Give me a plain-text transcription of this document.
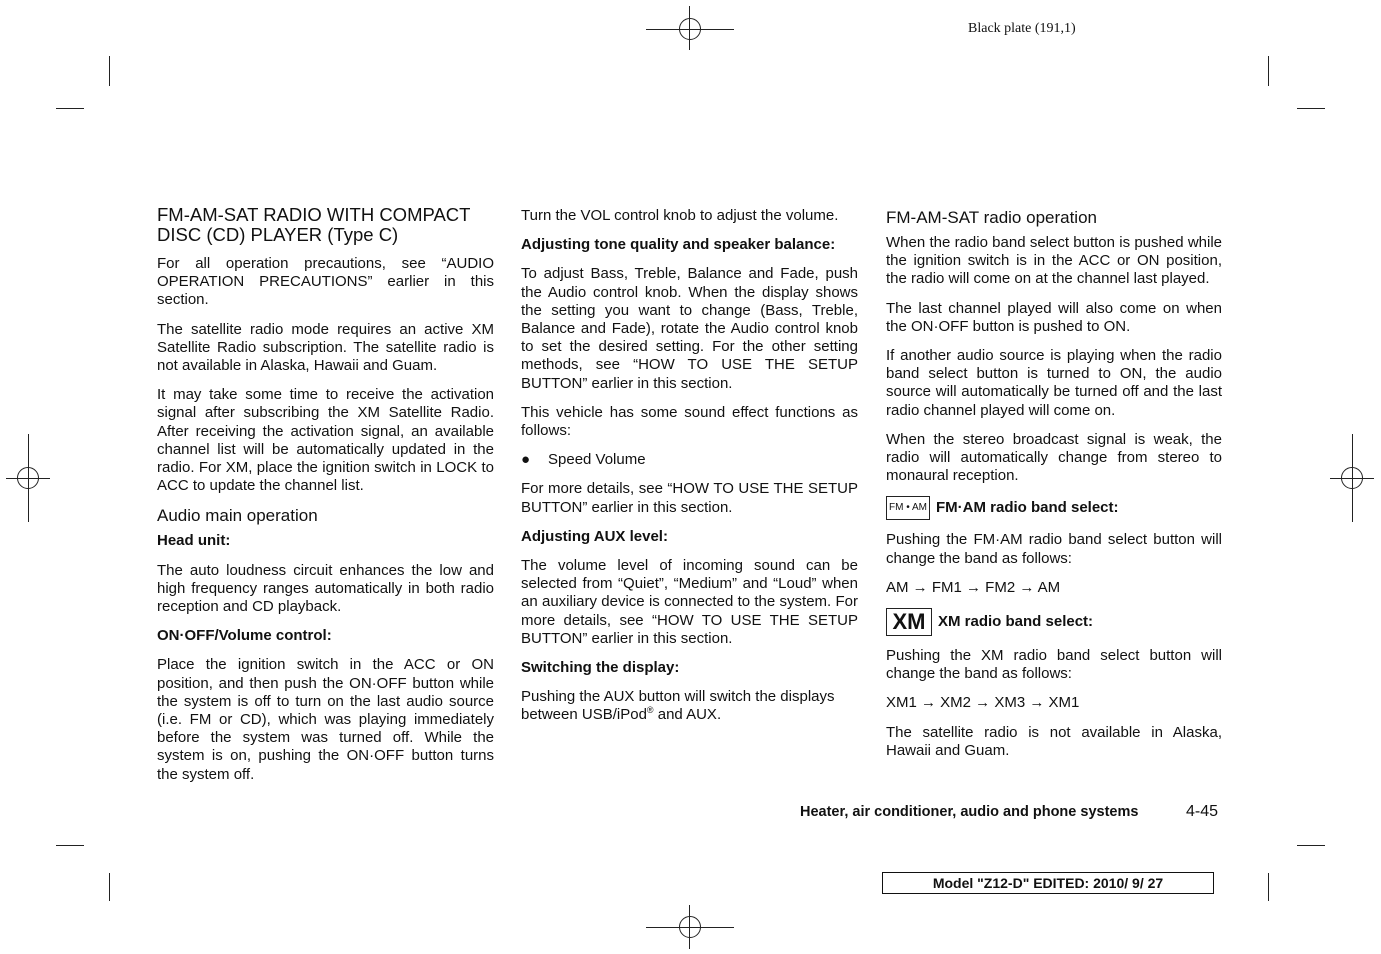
Black plate (191,1)
FM-AM-SAT RADIO WITH COMPACT DISC (CD) PLAYER (Type C)

For all operation precautions, see “AUDIO OPERATION PRECAUTIONS” earlier in this section.

The satellite radio mode requires an active XM Satellite Radio subscription. The satellite radio is not available in Alaska, Hawaii and Guam.

It may take some time to receive the activation signal after subscribing the XM Satellite Radio. After receiving the activation signal, an available channel list will be automatically updated in the radio. For XM, place the ignition switch in LOCK to ACC to update the channel list.

Audio main operation
Head unit:

The auto loudness circuit enhances the low and high frequency ranges automatically in both radio reception and CD playback.

ON·OFF/Volume control:

Place the ignition switch in the ACC or ON position, and then push the ON·OFF button while the system is off to turn on the last audio source (i.e. FM or CD), which was playing immediately before the system was turned off. While the system is on, pushing the ON·OFF button turns the system off.

Turn the VOL control knob to adjust the volume.

Adjusting tone quality and speaker balance:

To adjust Bass, Treble, Balance and Fade, push the Audio control knob. When the display shows the setting you want to change (Bass, Treble, Balance and Fade), rotate the Audio control knob to set the desired setting. For the other setting methods, see “HOW TO USE THE SETUP BUTTON” earlier in this section.

This vehicle has some sound effect functions as follows:

●	Speed Volume

For more details, see “HOW TO USE THE SETUP BUTTON” earlier in this section.

Adjusting AUX level:

The volume level of incoming sound can be selected from “Quiet”, “Medium” and “Loud” when an auxiliary device is connected to the system. For more details, see “HOW TO USE THE SETUP BUTTON” earlier in this section.

Switching the display:

Pushing the AUX button will switch the displays between USB/iPod® and AUX.

FM-AM-SAT radio operation

When the radio band select button is pushed while the ignition switch is in the ACC or ON position, the radio will come on at the channel last played.

The last channel played will also come on when the ON·OFF button is pushed to ON.

If another audio source is playing when the radio band select button is turned to ON, the audio source will automatically be turned off and the last radio channel played will come on.

When the stereo broadcast signal is weak, the radio will automatically change from stereo to monaural reception.

FM • AM FM·AM radio band select:

Pushing the FM·AM radio band select button will change the band as follows:

AM → FM1 → FM2 → AM
XM XM radio band select:

Pushing the XM radio band select button will change the band as follows:

XM1 → XM2 → XM3 → XM1

The satellite radio is not available in Alaska, Hawaii and Guam.

Heater, air conditioner, audio and phone systems	4-45
Model "Z12-D" EDITED: 2010/ 9/ 27
